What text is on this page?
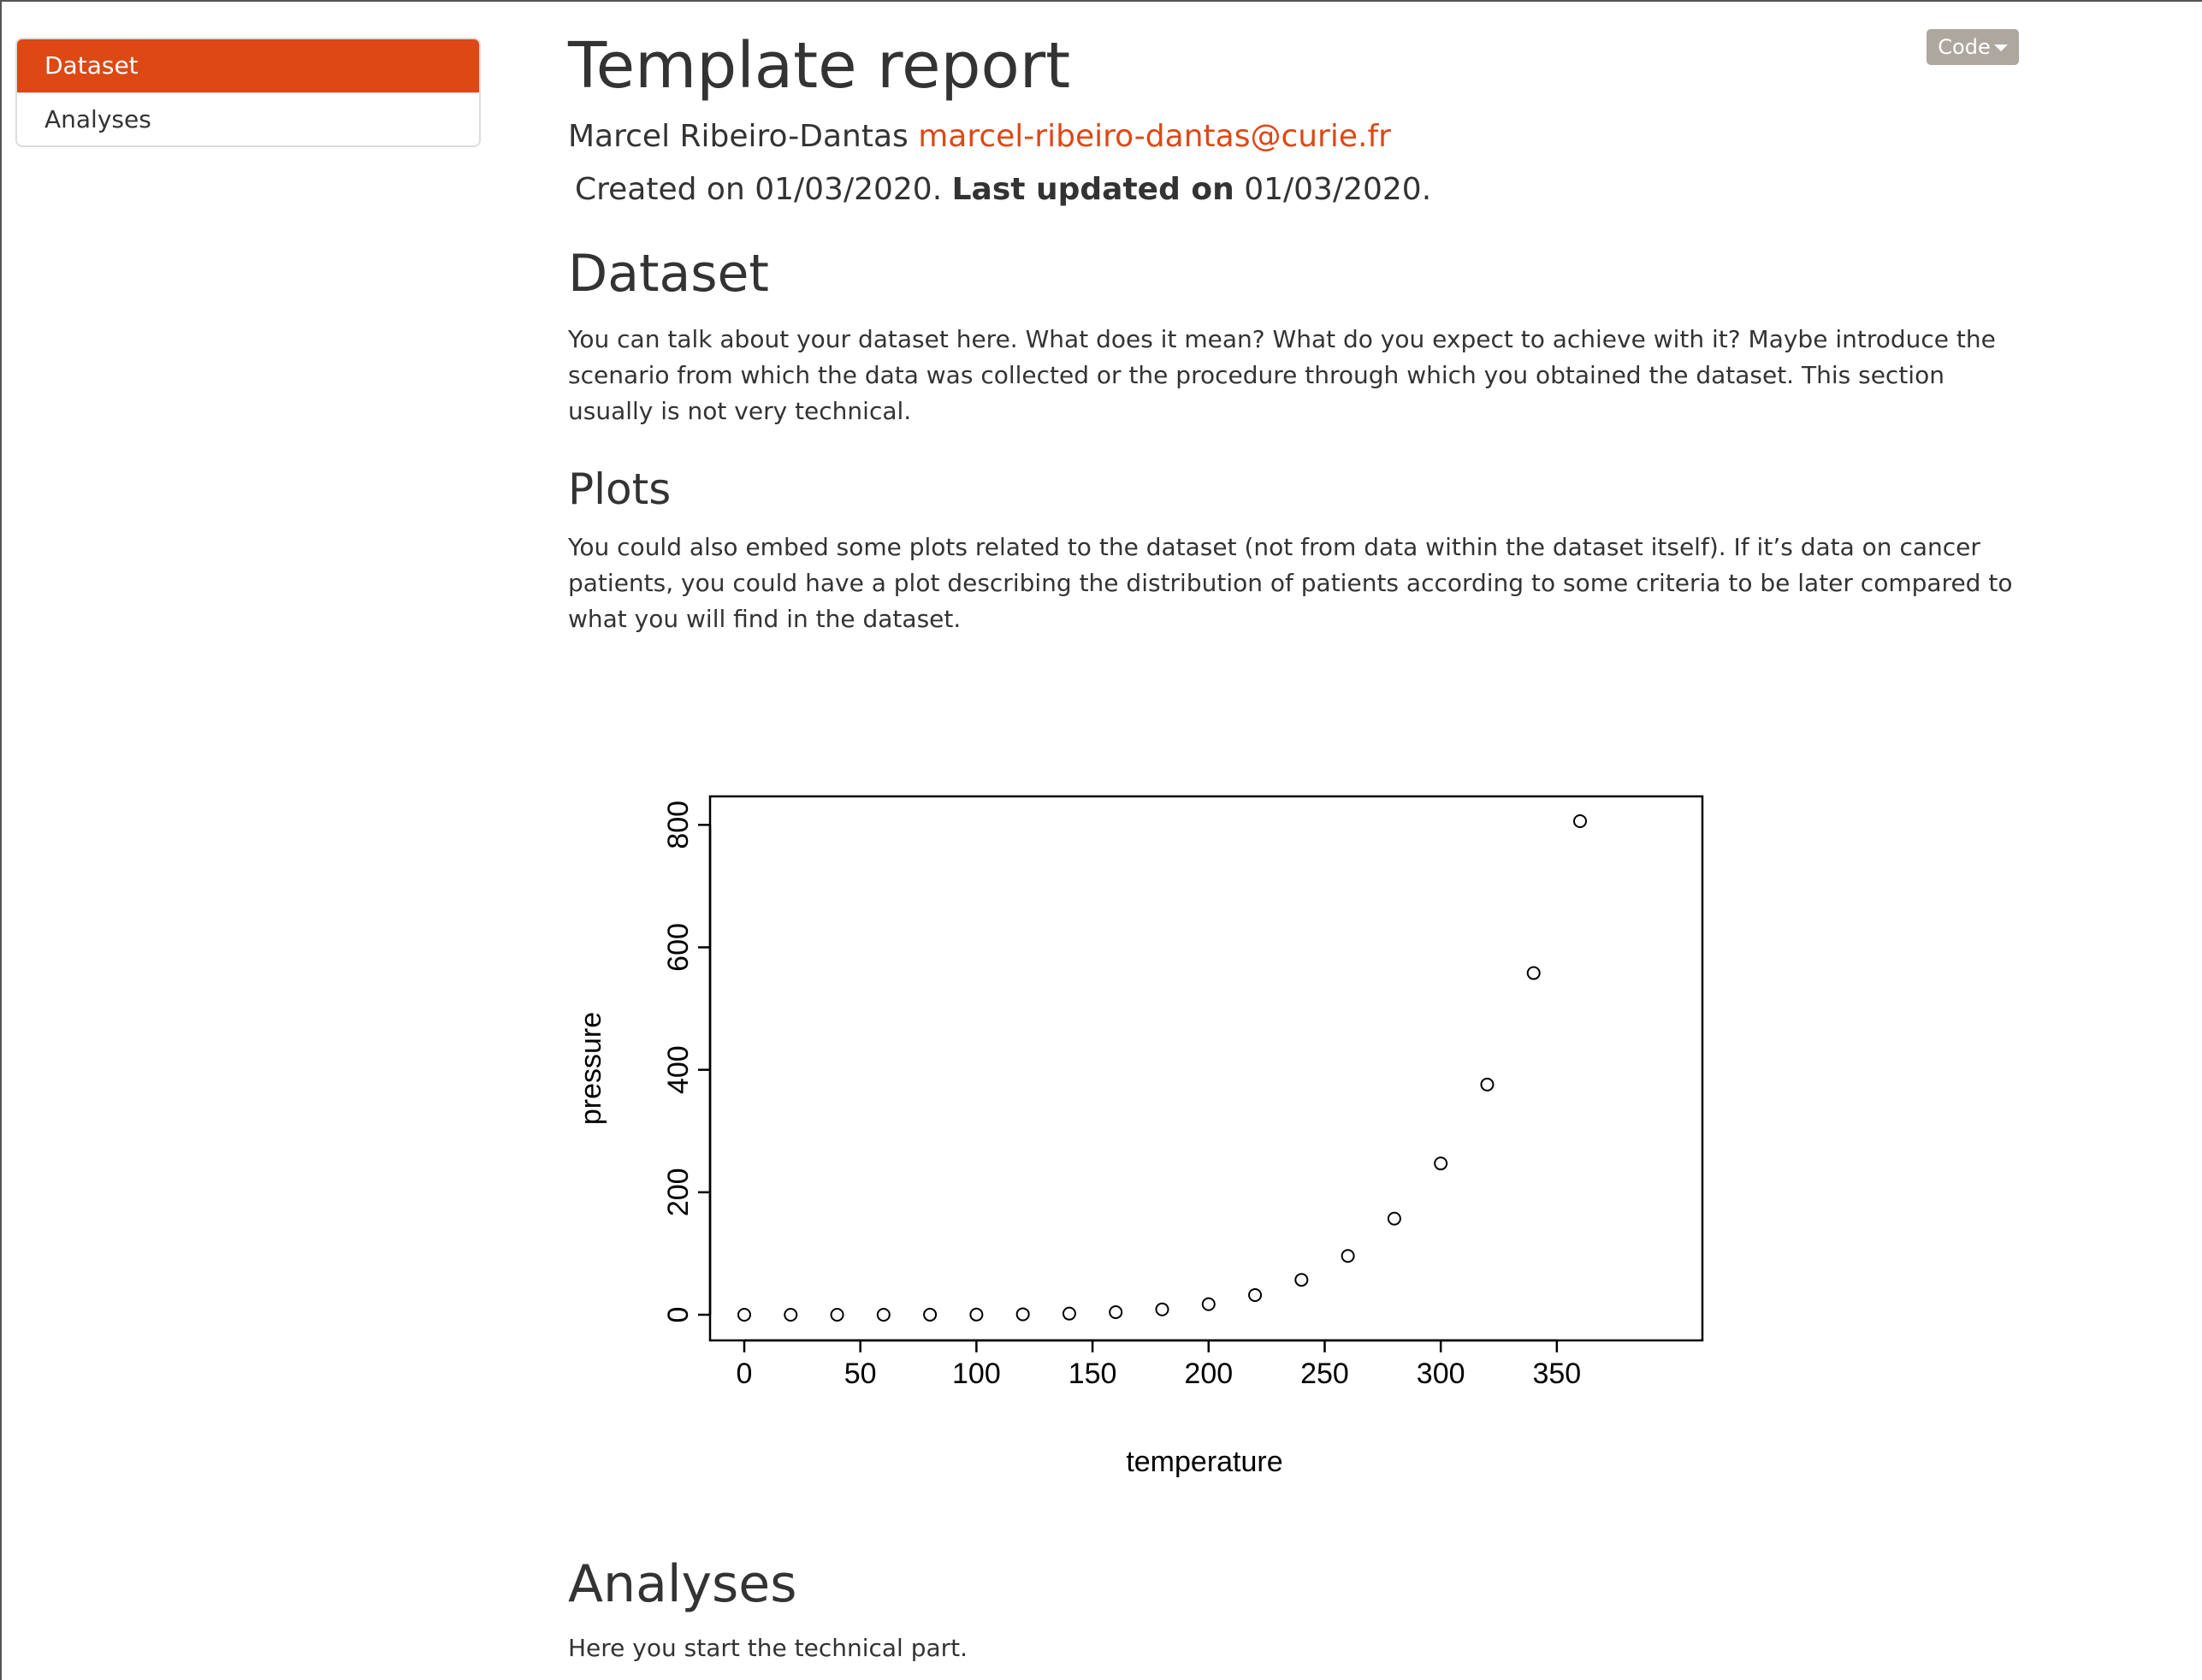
Dataset
Analyses
Code
Template report
Marcel Ribeiro-Dantas marcel-ribeiro-dantas@curie.fr
Created on 01/03/2020. Last updated on 01/03/2020.
Dataset

You can talk about your dataset here. What does it mean? What do you expect to achieve with it? Maybe introduce the scenario from which the data was collected or the procedure through which you obtained the dataset. This section usually is not very technical.

Plots

You could also embed some plots related to the dataset (not from data within the dataset itself). If it’s data on cancer patients, you could have a plot describing the distribution of patients according to some criteria to be later compared to what you will find in the dataset.

Analyses

Here you start the technical part.

0	50	100 150 200 250 300 350
0
200
400
600
800
temperature
pressure
